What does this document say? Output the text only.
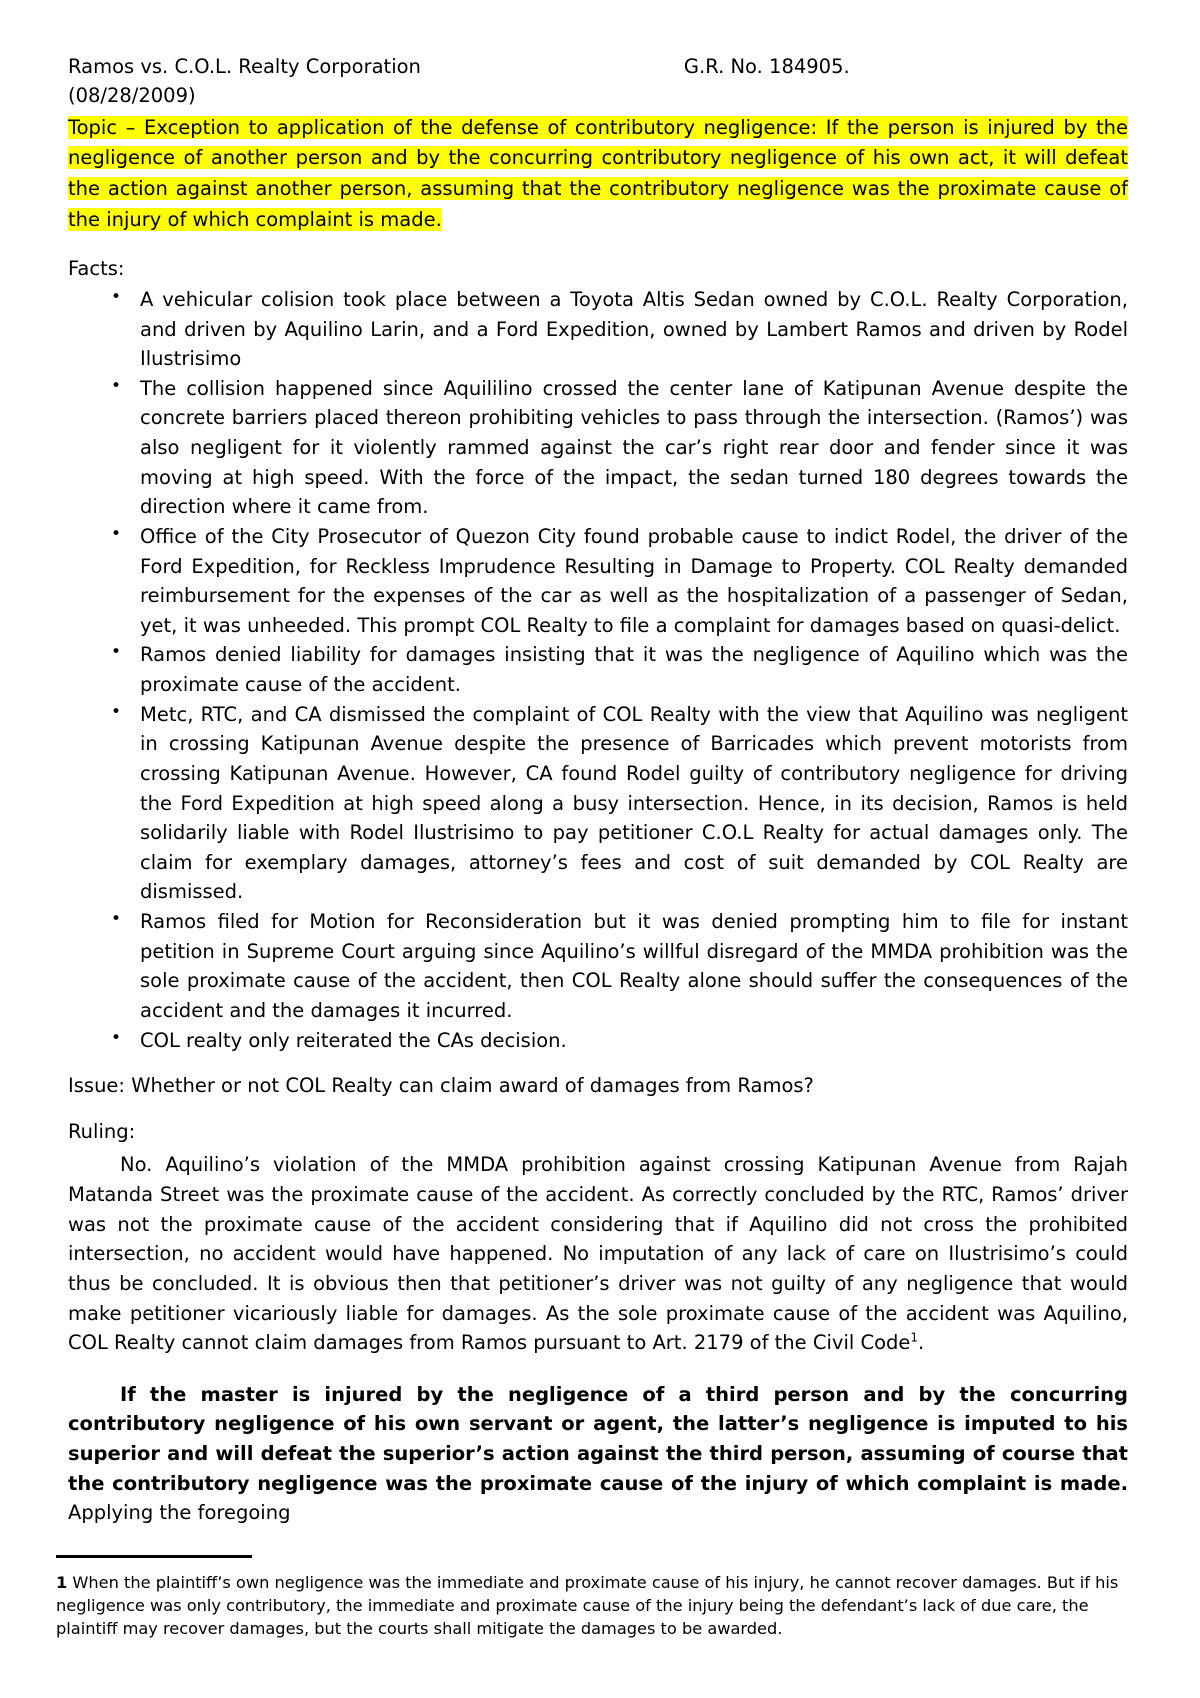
Ramos vs. C.O.L. Realty Corporation	G.R. No. 184905.
(08/28/2009)
Topic – Exception to application of the defense of contributory negligence: If the person is injured by the negligence of another person and by the concurring contributory negligence of his own act, it will defeat the action against another person, assuming that the contributory negligence was the proximate cause of the injury of which complaint is made.
Facts:
• A vehicular colision took place between a Toyota Altis Sedan owned by C.O.L. Realty Corporation, and driven by Aquilino Larin, and a Ford Expedition, owned by Lambert Ramos and driven by Rodel Ilustrisimo
• The collision happened since Aquililino crossed the center lane of Katipunan Avenue despite the concrete barriers placed thereon prohibiting vehicles to pass through the intersection. (Ramos’) was also negligent for it violently rammed against the car’s right rear door and fender since it was moving at high speed. With the force of the impact, the sedan turned 180 degrees towards the direction where it came from.
• Office of the City Prosecutor of Quezon City found probable cause to indict Rodel, the driver of the Ford Expedition, for Reckless Imprudence Resulting in Damage to Property. COL Realty demanded reimbursement for the expenses of the car as well as the hospitalization of a passenger of Sedan, yet, it was unheeded. This prompt COL Realty to file a complaint for damages based on quasi-delict.
• Ramos denied liability for damages insisting that it was the negligence of Aquilino which was the proximate cause of the accident.
• Metc, RTC, and CA dismissed the complaint of COL Realty with the view that Aquilino was negligent in crossing Katipunan Avenue despite the presence of Barricades which prevent motorists from crossing Katipunan Avenue. However, CA found Rodel guilty of contributory negligence for driving the Ford Expedition at high speed along a busy intersection. Hence, in its decision, Ramos is held solidarily liable with Rodel Ilustrisimo to pay petitioner C.O.L Realty for actual damages only. The claim for exemplary damages, attorney’s fees and cost of suit demanded by COL Realty are dismissed.
• Ramos filed for Motion for Reconsideration but it was denied prompting him to file for instant petition in Supreme Court arguing since Aquilino’s willful disregard of the MMDA prohibition was the sole proximate cause of the accident, then COL Realty alone should suffer the consequences of the accident and the damages it incurred.
• COL realty only reiterated the CAs decision.
Issue: Whether or not COL Realty can claim award of damages from Ramos?
Ruling:
No. Aquilino’s violation of the MMDA prohibition against crossing Katipunan Avenue from Rajah Matanda Street was the proximate cause of the accident. As correctly concluded by the RTC, Ramos’ driver was not the proximate cause of the accident considering that if Aquilino did not cross the prohibited intersection, no accident would have happened. No imputation of any lack of care on Ilustrisimo’s could thus be concluded. It is obvious then that petitioner’s driver was not guilty of any negligence that would make petitioner vicariously liable for damages. As the sole proximate cause of the accident was Aquilino, COL Realty cannot claim damages from Ramos pursuant to Art. 2179 of the Civil Code$^1$.
If the master is injured by the negligence of a third person and by the concurring contributory negligence of his own servant or agent, the latter’s negligence is imputed to his superior and will defeat the superior’s action against the third person, assuming of course that the contributory negligence was the proximate cause of the injury of which complaint is made. Applying the foregoing
1 When the plaintiff’s own negligence was the immediate and proximate cause of his injury, he cannot recover damages. But if his negligence was only contributory, the immediate and proximate cause of the injury being the defendant’s lack of due care, the plaintiff may recover damages, but the courts shall mitigate the damages to be awarded.
